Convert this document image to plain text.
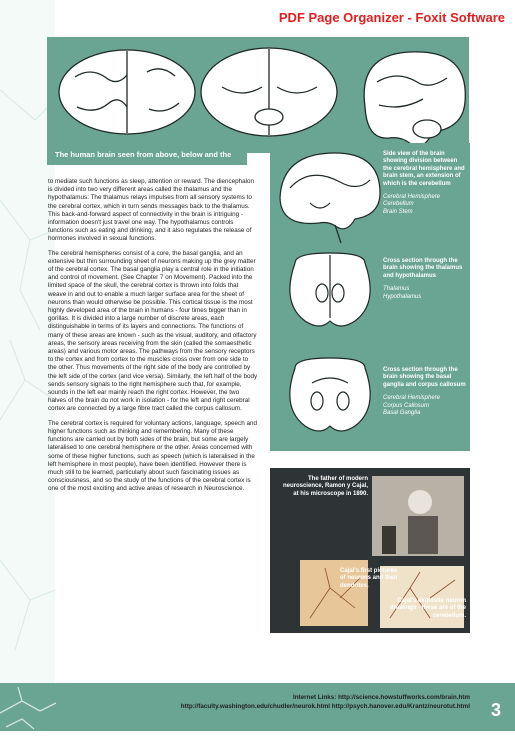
PDF Page Organizer - Foxit Software
The human brain seen from above, below and the side.

to mediate such functions as sleep, attention or reward. The diencephalon is divided into two very different areas called the thalamus and the hypothalamus: The thalamus relays impulses from all sensory systems to the cerebral cortex, which in turn sends messages back to the thalamus. This back-and-forward aspect of connectivity in the brain is intriguing - information doesn't just travel one way. The hypothalamus controls functions such as eating and drinking, and it also regulates the release of hormones involved in sexual functions.

The cerebral hemispheres consist of a core, the basal ganglia, and an extensive but thin surrounding sheet of neurons making up the grey matter of the cerebral cortex. The basal ganglia play a central role in the initiation and control of movement. (See Chapter 7 on Movement). Packed into the limited space of the skull, the cerebral cortex is thrown into folds that weave in and out to enable a much larger surface area for the sheet of neurons than would otherwise be possible. This cortical tissue is the most highly developed area of the brain in humans - four times bigger than in gorillas. It is divided into a large number of discrete areas, each distinguishable in terms of its layers and connections. The functions of many of these areas are known - such as the visual, auditory, and olfactory areas, the sensory areas receiving from the skin (called the somaesthetic areas) and various motor areas. The pathways from the sensory receptors to the cortex and from cortex to the muscles cross over from one side to the other. Thus movements of the right side of the body are controlled by the left side of the cortex (and vice versa). Similarly, the left half of the body sends sensory signals to the right hemisphere such that, for example, sounds in the left ear mainly reach the right cortex. However, the two halves of the brain do not work in isolation - for the left and right cerebral cortex are connected by a large fibre tract called the corpus callosum.

The cerebral cortex is required for voluntary actions, language, speech and higher functions such as thinking and remembering. Many of these functions are carried out by both sides of the brain, but some are largely lateralised to one cerebral hemisphere or the other. Areas concerned with some of these higher functions, such as speech (which is lateralised in the left hemisphere in most people), have been identified. However there is much still to be learned, particularly about such fascinating issues as consciousness, and so the study of the functions of the cerebral cortex is one of the most exciting and active areas of research in Neuroscience.

Side view of the brain showing division between the cerebral hemisphere and brain stem, an extension of which is the cerebellum
Cerebral Hemisphere
Cerebellum
Brain Stem
Cross section through the brain showing the thalamus and hypothalamus
Thalamus
Hypothalamus
Cross section through the brain showing the basal ganglia and corpus callosum
Cerebral Hemisphere
Corpus Callosum
Basal Ganglia
The father of modern neuroscience, Ramon y Cajal, at his microscope in 1890.
Cajal's first pictures of neurons and their dendrites.
Cajal's exquisite neuron drawings - these are of the cerebellum.
Internet Links: http://science.howstuffworks.com/brain.htm
http://faculty.washington.edu/chudler/neurok.html http://psych.hanover.edu/Krantz/neurotut.html 3
